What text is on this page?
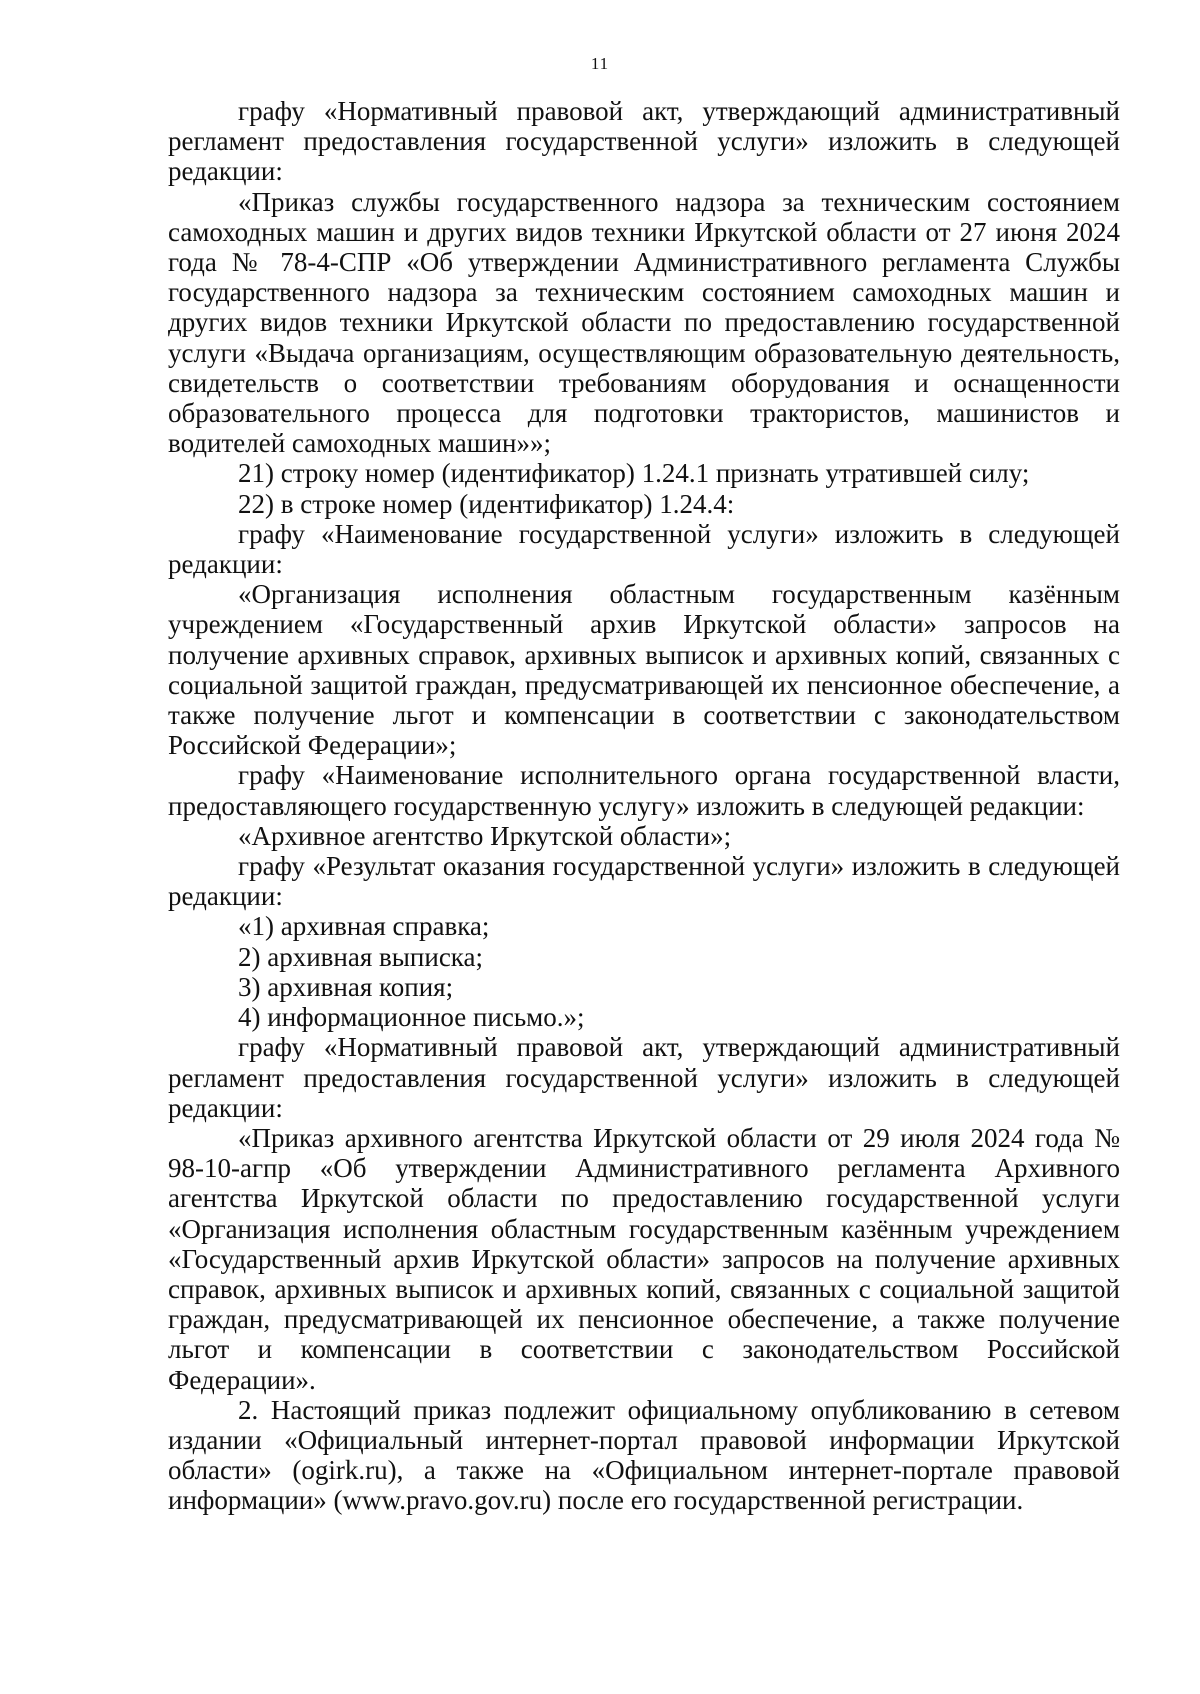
11

графу «Нормативный правовой акт, утверждающий административный регламент предоставления государственной услуги» изложить в следующей редакции:

«Приказ службы государственного надзора за техническим состоянием самоходных машин и других видов техники Иркутской области от 27 июня 2024 года № 78-4-СПР «Об утверждении Административного регламента Службы государственного надзора за техническим состоянием самоходных машин и других видов техники Иркутской области по предоставлению государственной услуги «Выдача организациям, осуществляющим образовательную деятельность, свидетельств о соответствии требованиям оборудования и оснащенности образовательного процесса для подготовки трактористов, машинистов и водителей самоходных машин»»;

21) строку номер (идентификатор) 1.24.1 признать утратившей силу;

22) в строке номер (идентификатор) 1.24.4:

графу «Наименование государственной услуги» изложить в следующей редакции:

«Организация исполнения областным государственным казённым учреждением «Государственный архив Иркутской области» запросов на получение архивных справок, архивных выписок и архивных копий, связанных с социальной защитой граждан, предусматривающей их пенсионное обеспечение, а также получение льгот и компенсации в соответствии с законодательством Российской Федерации»;

графу «Наименование исполнительного органа государственной власти, предоставляющего государственную услугу» изложить в следующей редакции:

«Архивное агентство Иркутской области»;

графу «Результат оказания государственной услуги» изложить в следующей редакции:

«1) архивная справка;

2) архивная выписка;

3) архивная копия;

4) информационное письмо.»;

графу «Нормативный правовой акт, утверждающий административный регламент предоставления государственной услуги» изложить в следующей редакции:

«Приказ архивного агентства Иркутской области от 29 июля 2024 года № 98-10-агпр «Об утверждении Административного регламента Архивного агентства Иркутской области по предоставлению государственной услуги «Организация исполнения областным государственным казённым учреждением «Государственный архив Иркутской области» запросов на получение архивных справок, архивных выписок и архивных копий, связанных с социальной защитой граждан, предусматривающей их пенсионное обеспечение, а также получение льгот и компенсации в соответствии с законодательством Российской Федерации».

2. Настоящий приказ подлежит официальному опубликованию в сетевом издании «Официальный интернет-портал правовой информации Иркутской области» (ogirk.ru), а также на «Официальном интернет-портале правовой информации» (www.pravo.gov.ru) после его государственной регистрации.
